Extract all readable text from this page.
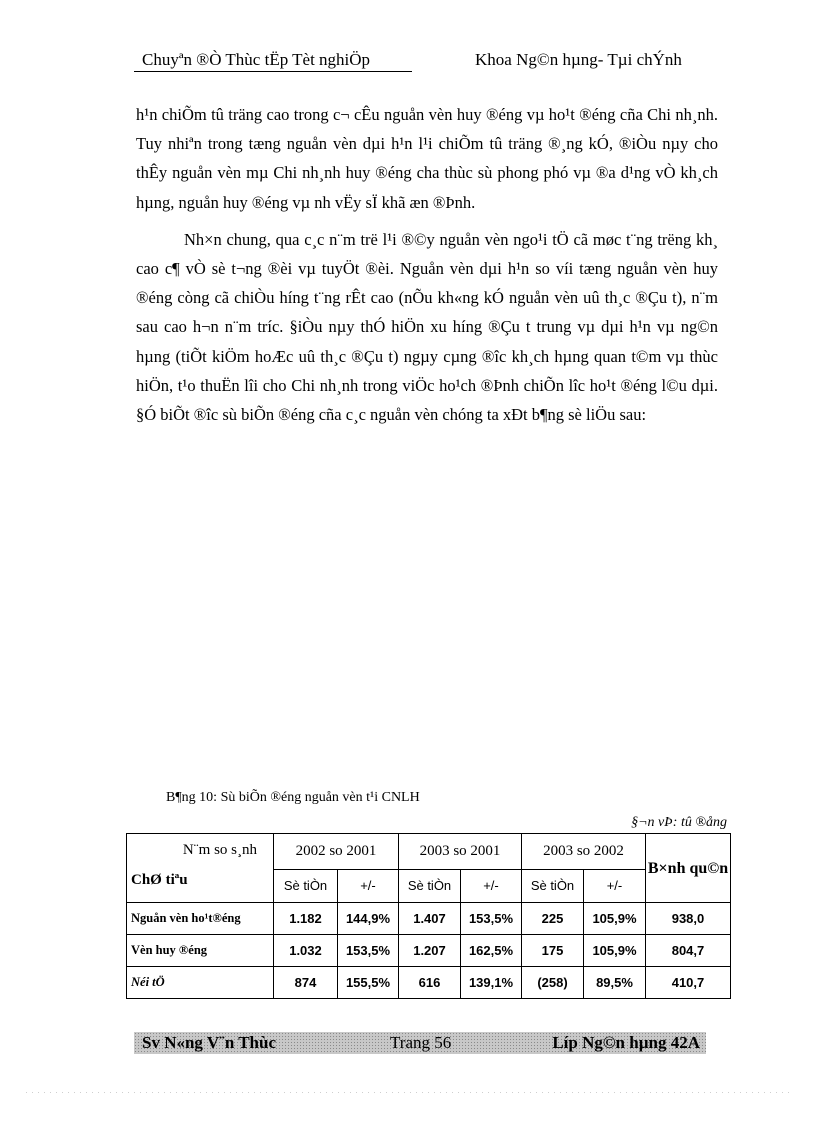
Chuyªn ®Ò Thùc tËp Tèt nghiÖp	Khoa Ng©n hµng- Tµi chÝnh

h¹n chiÕm tû träng cao trong c¬ cÊu nguån vèn huy ®éng vµ ho¹t ®éng cña Chi nh¸nh. Tuy nhiªn trong tæng nguån vèn dµi h¹n l¹i chiÕm tû träng ®¸ng kÓ, ®iÒu nµy cho thÊy nguån vèn mµ Chi nh¸nh huy ®éng cha thùc sù phong phó vµ ®a d¹ng vÒ kh¸ch hµng, nguån huy ®éng vµ nh vËy sÏ khã æn ®Þnh.

Nh×n chung, qua c¸c n¨m trë l¹i ®©y nguån vèn ngo¹i tÖ cã møc t¨ng trëng kh¸ cao c¶ vÒ sè t¬ng ®èi vµ tuyÖt ®èi. Nguån vèn dµi h¹n so víi tæng nguån vèn huy ®éng còng cã chiÒu híng t¨ng rÊt cao (nÕu kh«ng kÓ nguån vèn uû th¸c ®Çu t), n¨m sau cao h¬n n¨m tríc. §iÒu nµy thÓ hiÖn xu híng ®Çu t trung vµ dµi h¹n vµ ng©n hµng (tiÕt kiÖm hoÆc uû th¸c ®Çu t) ngµy cµng ®îc kh¸ch hµng quan t©m vµ thùc hiÖn, t¹o thuËn lîi cho Chi nh¸nh trong viÖc ho¹ch ®Þnh chiÕn lîc ho¹t ®éng l©u dµi. §Ó biÕt ®îc sù biÕn ®éng cña c¸c nguån vèn chóng ta xÐt b¶ng sè liÖu sau:

B¶ng 10: Sù biÕn ®éng nguån vèn t¹i CNLH
§¬n vÞ: tû ®ång
N¨m so s¸nh
ChØ tiªu	2002 so 2001		2003 so 2001		2003 so 2002		B×nh qu©n
	Sè tiÒn	+/-	Sè tiÒn	+/-	Sè tiÒn	+/-	
Nguån vèn ho¹t®éng	1.182	144,9%	1.407	153,5%	225	105,9%	938,0
Vèn huy ®éng	1.032	153,5%	1.207	162,5%	175	105,9%	804,7
Néi tÖ	874	155,5%	616	139,1%	(258)	89,5%	410,7
Sv N«ng V¨n Thùc	Trang 56	Líp Ng©n hµng 42A
